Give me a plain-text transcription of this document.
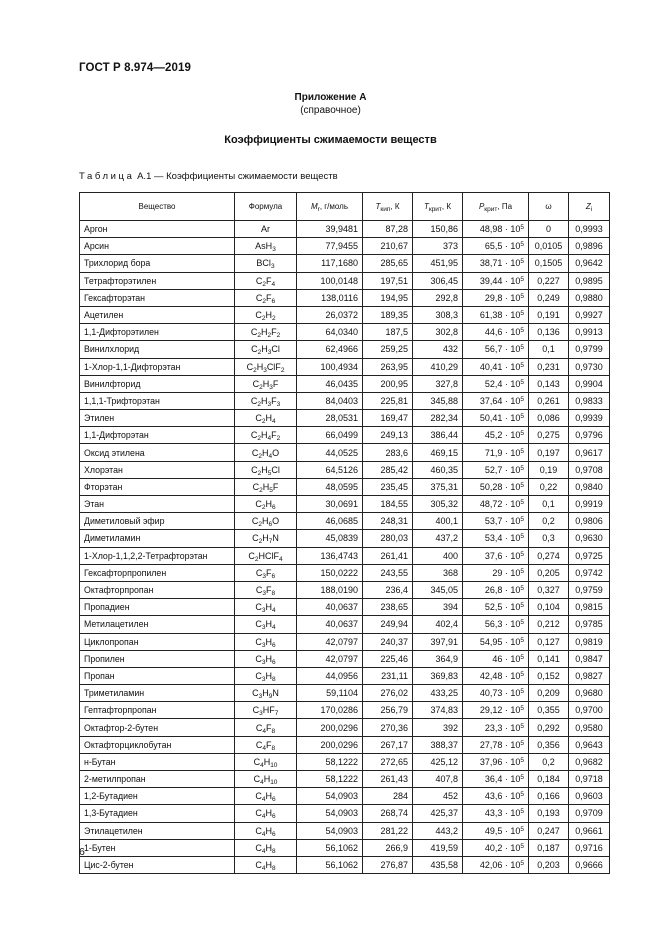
ГОСТ Р 8.974—2019
Приложение А
(справочное)
Коэффициенты сжимаемости веществ
Таблица А.1 — Коэффициенты сжимаемости веществ
Вещество	Формула	$M_r$, г/моль	$T_{кип}$, К	$T_{крит}$, К	$P_{крит}$, Па	ω	$Z_i$
Аргон	Ar	39,9481	87,28	150,86	$48,98 \cdot 10^5$	0	0,9993
Арсин	AsH$_3$	77,9455	210,67	373	$65,5 \cdot 10^5$	0,0105	0,9896
Трихлорид бора	BCl$_3$	117,1680	285,65	451,95	$38,71 \cdot 10^5$	0,1505	0,9642
Тетрафторэтилен	$C_2F_4$	100,0148	197,51	306,45	$39,44 \cdot 10^5$	0,227	0,9895
Гексафторэтан	$C_2F_6$	138,0116	194,95	292,8	$29,8 \cdot 10^5$	0,249	0,9880
Ацетилен	$C_2H_2$	26,0372	189,35	308,3	$61,38 \cdot 10^5$	0,191	0,9927
1,1-Дифторэтилен	$C_2H_2F_2$	64,0340	187,5	302,8	$44,6 \cdot 10^5$	0,136	0,9913
Винилхлорид	$C_2H_3Cl$	62,4966	259,25	432	$56,7 \cdot 10^5$	0,1	0,9799
1-Хлор-1,1-Дифторэтан	$C_2H_3ClF_2$	100,4934	263,95	410,29	$40,41 \cdot 10^5$	0,231	0,9730
Винилфторид	$C_2H_3F$	46,0435	200,95	327,8	$52,4 \cdot 10^5$	0,143	0,9904
1,1,1-Трифторэтан	$C_2H_3F_3$	84,0403	225,81	345,88	$37,64 \cdot 10^5$	0,261	0,9833
Этилен	$C_2H_4$	28,0531	169,47	282,34	$50,41 \cdot 10^5$	0,086	0,9939
1,1-Дифторэтан	$C_2H_4F_2$	66,0499	249,13	386,44	$45,2 \cdot 10^5$	0,275	0,9796
Оксид этилена	$C_2H_4O$	44,0525	283,6	469,15	$71,9 \cdot 10^5$	0,197	0,9617
Хлорэтан	$C_2H_5Cl$	64,5126	285,42	460,35	$52,7 \cdot 10^5$	0,19	0,9708
Фторэтан	$C_2H_5F$	48,0595	235,45	375,31	$50,28 \cdot 10^5$	0,22	0,9840
Этан	$C_2H_6$	30,0691	184,55	305,32	$48,72 \cdot 10^5$	0,1	0,9919
Диметиловый эфир	$C_2H_6O$	46,0685	248,31	400,1	$53,7 \cdot 10^5$	0,2	0,9806
Диметиламин	$C_2H_7N$	45,0839	280,03	437,2	$53,4 \cdot 10^5$	0,3	0,9630
1-Хлор-1,1,2,2-Тетрафторэтан	$C_2HClF_4$	136,4743	261,41	400	$37,6 \cdot 10^5$	0,274	0,9725
Гексафторпропилен	$C_3F_6$	150,0222	243,55	368	$29 \cdot 10^5$	0,205	0,9742
Октафторпропан	$C_3F_8$	188,0190	236,4	345,05	$26,8 \cdot 10^5$	0,327	0,9759
Пропадиен	$C_3H_4$	40,0637	238,65	394	$52,5 \cdot 10^5$	0,104	0,9815
Метилацетилен	$C_3H_4$	40,0637	249,94	402,4	$56,3 \cdot 10^5$	0,212	0,9785
Циклопропан	$C_3H_6$	42,0797	240,37	397,91	$54,95 \cdot 10^5$	0,127	0,9819
Пропилен	$C_3H_6$	42,0797	225,46	364,9	$46 \cdot 10^5$	0,141	0,9847
Пропан	$C_3H_8$	44,0956	231,11	369,83	$42,48 \cdot 10^5$	0,152	0,9827
Триметиламин	$C_3H_9N$	59,1104	276,02	433,25	$40,73 \cdot 10^5$	0,209	0,9680
Гептафторпропан	$C_3HF_7$	170,0286	256,79	374,83	$29,12 \cdot 10^5$	0,355	0,9700
Октафтор-2-бутен	$C_4F_8$	200,0296	270,36	392	$23,3 \cdot 10^5$	0,292	0,9580
Октафторциклобутан	$C_4F_8$	200,0296	267,17	388,37	$27,78 \cdot 10^5$	0,356	0,9643
н-Бутан	$C_4H_{10}$	58,1222	272,65	425,12	$37,96 \cdot 10^5$	0,2	0,9682
2-метилпропан	$C_4H_{10}$	58,1222	261,43	407,8	$36,4 \cdot 10^5$	0,184	0,9718
1,2-Бутадиен	$C_4H_6$	54,0903	284	452	$43,6 \cdot 10^5$	0,166	0,9603
1,3-Бутадиен	$C_4H_6$	54,0903	268,74	425,37	$43,3 \cdot 10^5$	0,193	0,9709
Этилацетилен	$C_4H_6$	54,0903	281,22	443,2	$49,5 \cdot 10^5$	0,247	0,9661
1-Бутен	$C_4H_8$	56,1062	266,9	419,59	$40,2 \cdot 10^5$	0,187	0,9716
Цис-2-бутен	$C_4H_8$	56,1062	276,87	435,58	$42,06 \cdot 10^5$	0,203	0,9666
6
